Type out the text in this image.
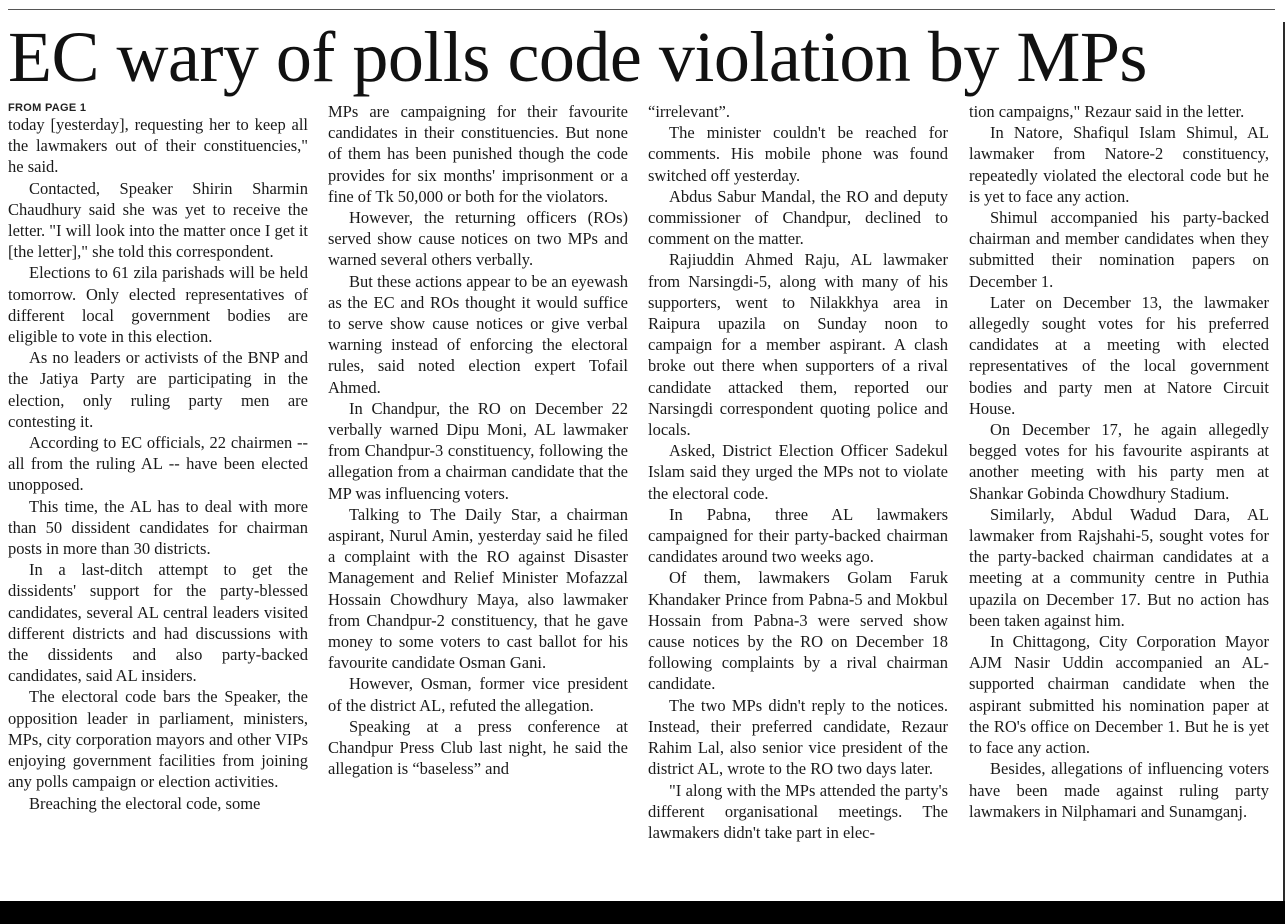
EC wary of polls code violation by MPs
FROM PAGE 1

today [yesterday], requesting her to keep all the lawmakers out of their constituencies," he said.

Contacted, Speaker Shirin Sharmin Chaudhury said she was yet to receive the letter. "I will look into the matter once I get it [the letter]," she told this correspondent.

Elections to 61 zila parishads will be held tomorrow. Only elected representatives of different local government bodies are eligible to vote in this election.

As no leaders or activists of the BNP and the Jatiya Party are participating in the election, only ruling party men are contesting it.

According to EC officials, 22 chairmen -- all from the ruling AL -- have been elected unopposed.

This time, the AL has to deal with more than 50 dissident candidates for chairman posts in more than 30 districts.

In a last-ditch attempt to get the dissidents' support for the party-blessed candidates, several AL central leaders visited different districts and had discussions with the dissidents and also party-backed candidates, said AL insiders.

The electoral code bars the Speaker, the opposition leader in parliament, ministers, MPs, city corporation mayors and other VIPs enjoying government facilities from joining any polls campaign or election activities.

Breaching the electoral code, some

MPs are campaigning for their favourite candidates in their constituencies. But none of them has been punished though the code provides for six months' imprisonment or a fine of Tk 50,000 or both for the violators.

However, the returning officers (ROs) served show cause notices on two MPs and warned several others verbally.

But these actions appear to be an eyewash as the EC and ROs thought it would suffice to serve show cause notices or give verbal warning instead of enforcing the electoral rules, said noted election expert Tofail Ahmed.

In Chandpur, the RO on December 22 verbally warned Dipu Moni, AL lawmaker from Chandpur-3 constituency, following the allegation from a chairman candidate that the MP was influencing voters.

Talking to The Daily Star, a chairman aspirant, Nurul Amin, yesterday said he filed a complaint with the RO against Disaster Management and Relief Minister Mofazzal Hossain Chowdhury Maya, also lawmaker from Chandpur-2 constituency, that he gave money to some voters to cast ballot for his favourite candidate Osman Gani.

However, Osman, former vice president of the district AL, refuted the allegation.

Speaking at a press conference at Chandpur Press Club last night, he said the allegation is “baseless” and

“irrelevant”.

The minister couldn't be reached for comments. His mobile phone was found switched off yesterday.

Abdus Sabur Mandal, the RO and deputy commissioner of Chandpur, declined to comment on the matter.

Rajiuddin Ahmed Raju, AL lawmaker from Narsingdi-5, along with many of his supporters, went to Nilakkhya area in Raipura upazila on Sunday noon to campaign for a member aspirant. A clash broke out there when supporters of a rival candidate attacked them, reported our Narsingdi correspondent quoting police and locals.

Asked, District Election Officer Sadekul Islam said they urged the MPs not to violate the electoral code.

In Pabna, three AL lawmakers campaigned for their party-backed chairman candidates around two weeks ago.

Of them, lawmakers Golam Faruk Khandaker Prince from Pabna-5 and Mokbul Hossain from Pabna-3 were served show cause notices by the RO on December 18 following complaints by a rival chairman candidate.

The two MPs didn't reply to the notices. Instead, their preferred candidate, Rezaur Rahim Lal, also senior vice president of the district AL, wrote to the RO two days later.

"I along with the MPs attended the party's different organisational meetings. The lawmakers didn't take part in elec-

tion campaigns," Rezaur said in the letter.

In Natore, Shafiqul Islam Shimul, AL lawmaker from Natore-2 constituency, repeatedly violated the electoral code but he is yet to face any action.

Shimul accompanied his party-backed chairman and member candidates when they submitted their nomination papers on December 1.

Later on December 13, the lawmaker allegedly sought votes for his preferred candidates at a meeting with elected representatives of the local government bodies and party men at Natore Circuit House.

On December 17, he again allegedly begged votes for his favourite aspirants at another meeting with his party men at Shankar Gobinda Chowdhury Stadium.

Similarly, Abdul Wadud Dara, AL lawmaker from Rajshahi-5, sought votes for the party-backed chairman candidates at a meeting at a community centre in Puthia upazila on December 17. But no action has been taken against him.

In Chittagong, City Corporation Mayor AJM Nasir Uddin accompanied an AL-supported chairman candidate when the aspirant submitted his nomination paper at the RO's office on December 1. But he is yet to face any action.

Besides, allegations of influencing voters have been made against ruling party lawmakers in Nilphamari and Sunamganj.
